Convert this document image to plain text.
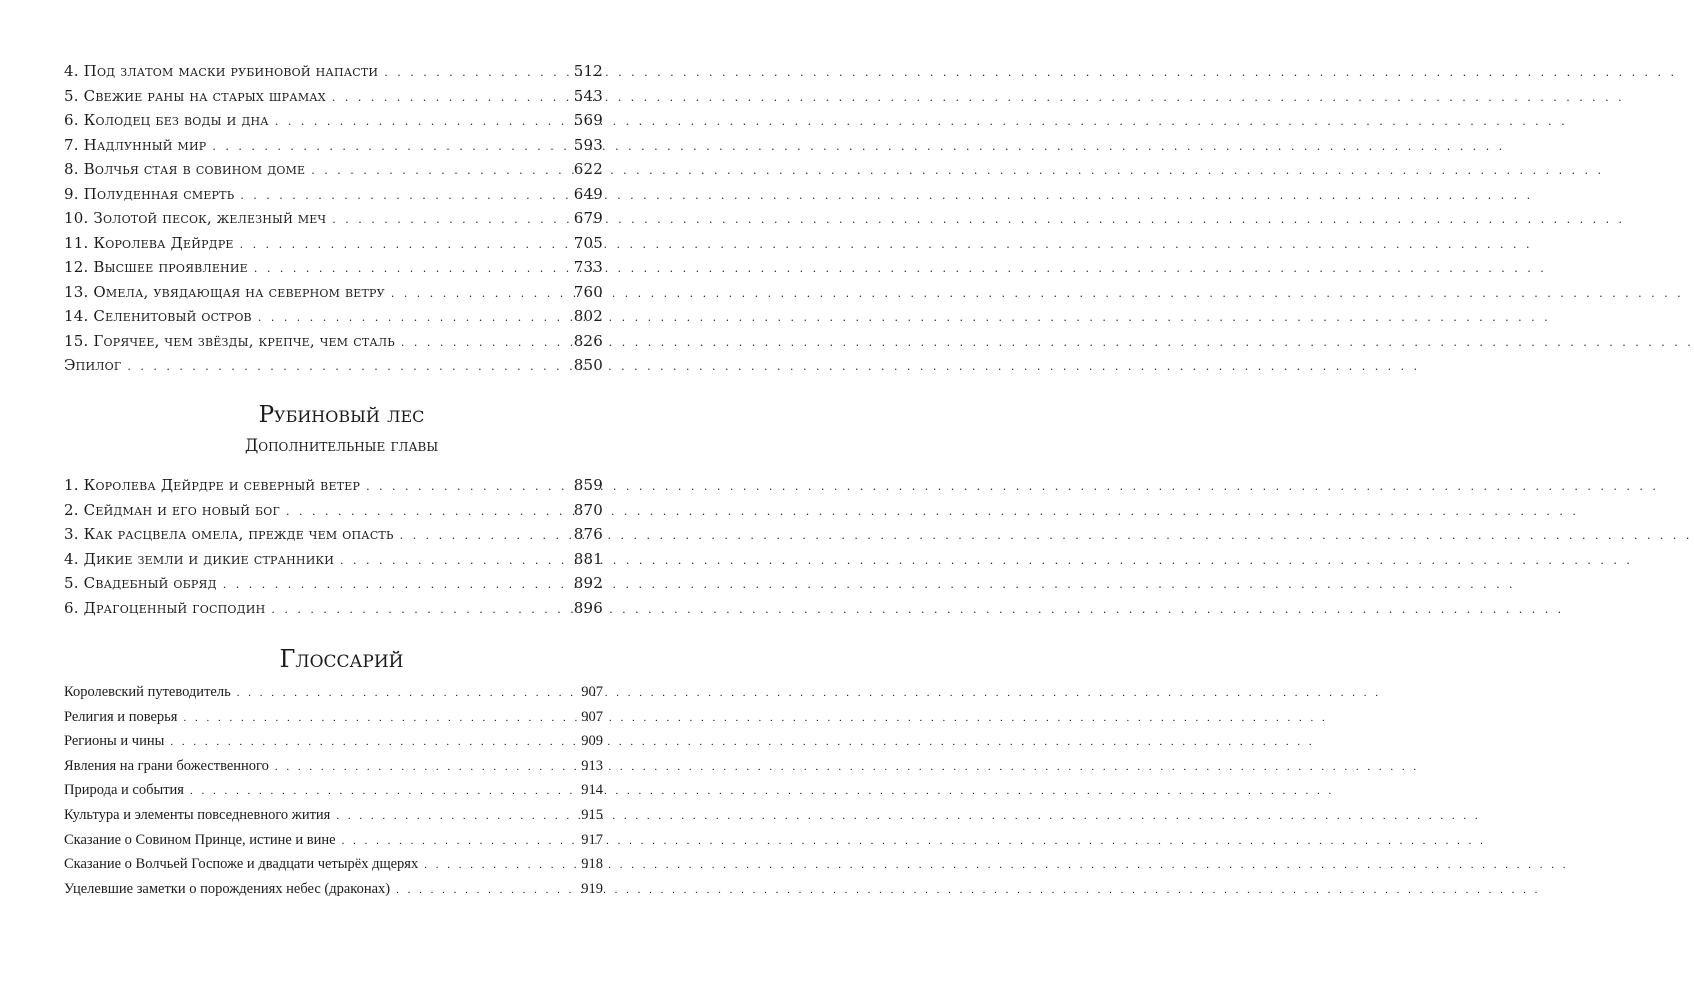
4. Под златом маски рубиновой напасти . . .	512
5. Свежие раны на старых шрамах . . .	543
6. Колодец без воды и дна . . .	569
7. Надлунный мир . . .	593
8. Волчья стая в совином доме . . .	622
9. Полуденная смерть . . .	649
10. Золотой песок, железный меч . . .	679
11. Королева Дейрдре . . .	705
12. Высшее проявление . . .	733
13. Омела, увядающая на северном ветру . . .	760
14. Селенитовый остров . . .	802
15. Горячее, чем звёзды, крепче, чем сталь . . .	826
Эпилог . . .	850
Рубиновый лес
Дополнительные главы
1. Королева Дейрдре и северный ветер . . .	859
2. Сейдман и его новый бог . . .	870
3. Как расцвела омела, прежде чем опасть . . .	876
4. Дикие земли и дикие странники . . .	881
5. Свадебный обряд . . .	892
6. Драгоценный господин . . .	896
Глоссарий
Королевский путеводитель . . .	907
Религия и поверья . . .	907
Регионы и чины . . .	909
Явления на грани божественного . . .	913
Природа и события . . .	914
Культура и элементы повседневного жития . . .	915
Сказание о Совином Принце, истине и вине . . .	917
Сказание о Волчьей Госпоже и двадцати четырёх дщерях . . .	918
Уцелевшие заметки о порождениях небес (драконах) . . .	919
